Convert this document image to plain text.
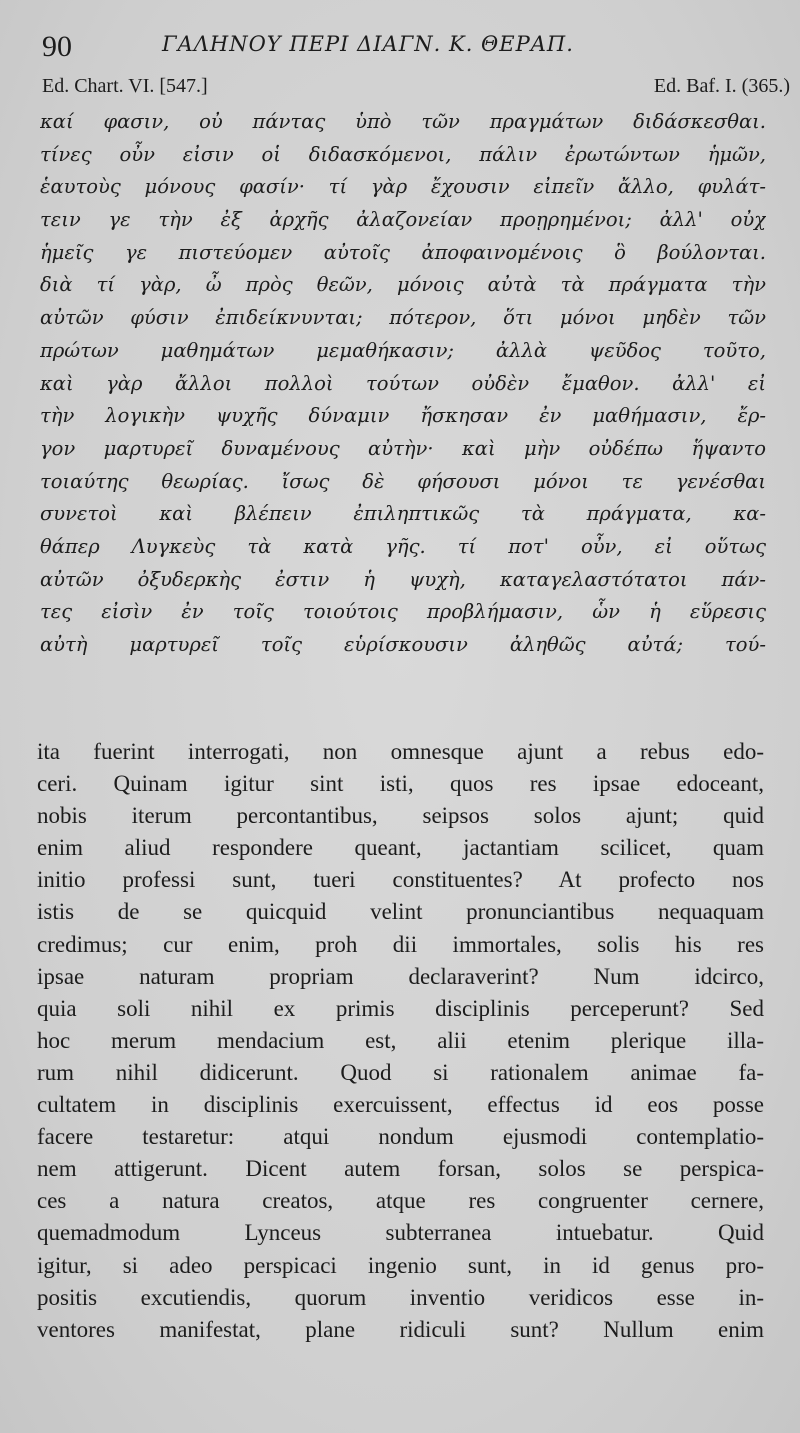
90	ΓΑΛΗΝΟΥ ΠΕΡΙ ΔΙΑΓΝ. Κ. ΘΕΡΑΠ.
Ed. Chart. VI. [547.]	Ed. Baf. I. (365.)
καί φασιν, οὐ πάντας ὑπὸ τῶν πραγμάτων διδάσκεσθαι.
τίνες οὖν εἰσιν οἱ διδασκόμενοι, πάλιν ἐρωτώντων ἡμῶν,
ἑαυτοὺς μόνους φασίν· τί γὰρ ἔχουσιν εἰπεῖν ἄλλο, φυλάτ-
τειν γε τὴν ἐξ ἀρχῆς ἀλαζονείαν προῃρημένοι; ἀλλ' οὐχ
ἡμεῖς γε πιστεύομεν αὐτοῖς ἀποφαινομένοις ὃ βούλονται.
διὰ τί γὰρ, ὦ πρὸς θεῶν, μόνοις αὐτὰ τὰ πράγματα τὴν
αὐτῶν φύσιν ἐπιδείκνυνται; πότερον, ὅτι μόνοι μηδὲν τῶν
πρώτων μαθημάτων μεμαθήκασιν; ἀλλὰ ψεῦδος τοῦτο,
καὶ γὰρ ἄλλοι πολλοὶ τούτων οὐδὲν ἔμαθον. ἀλλ' εἰ
τὴν λογικὴν ψυχῆς δύναμιν ἤσκησαν ἐν μαθήμασιν, ἔρ-
γον μαρτυρεῖ δυναμένους αὐτὴν· καὶ μὴν οὐδέπω ἥψαντο
τοιαύτης θεωρίας. ἴσως δὲ φήσουσι μόνοι τε γενέσθαι
συνετοὶ καὶ βλέπειν ἐπιληπτικῶς τὰ πράγματα, κα-
θάπερ Λυγκεὺς τὰ κατὰ γῆς. τί ποτ' οὖν, εἰ οὕτως
αὐτῶν ὀξυδερκὴς ἐστιν ἡ ψυχὴ, καταγελαστότατοι πάν-
τες εἰσὶν ἐν τοῖς τοιούτοις προβλήμασιν, ὧν ἡ εὕρεσις
αὐτὴ μαρτυρεῖ τοῖς εὑρίσκουσιν ἀληθῶς αὐτά; τού-
ita fuerint interrogati, non omnesque ajunt a rebus edo-
ceri. Quinam igitur sint isti, quos res ipsae edoceant,
nobis iterum percontantibus, seipsos solos ajunt; quid
enim aliud respondere queant, jactantiam scilicet, quam
initio professi sunt, tueri constituentes? At profecto nos
istis de se quicquid velint pronunciantibus nequaquam
credimus; cur enim, proh dii immortales, solis his res
ipsae naturam propriam declaraverint? Num idcirco,
quia soli nihil ex primis disciplinis perceperunt? Sed
hoc merum mendacium est, alii etenim plerique illa-
rum nihil didicerunt. Quod si rationalem animae fa-
cultatem in disciplinis exercuissent, effectus id eos posse
facere testaretur: atqui nondum ejusmodi contemplatio-
nem attigerunt. Dicent autem forsan, solos se perspica-
ces a natura creatos, atque res congruenter cernere,
quemadmodum Lynceus subterranea intuebatur. Quid
igitur, si adeo perspicaci ingenio sunt, in id genus pro-
positis excutiendis, quorum inventio veridicos esse in-
ventores manifestat, plane ridiculi sunt? Nullum enim
